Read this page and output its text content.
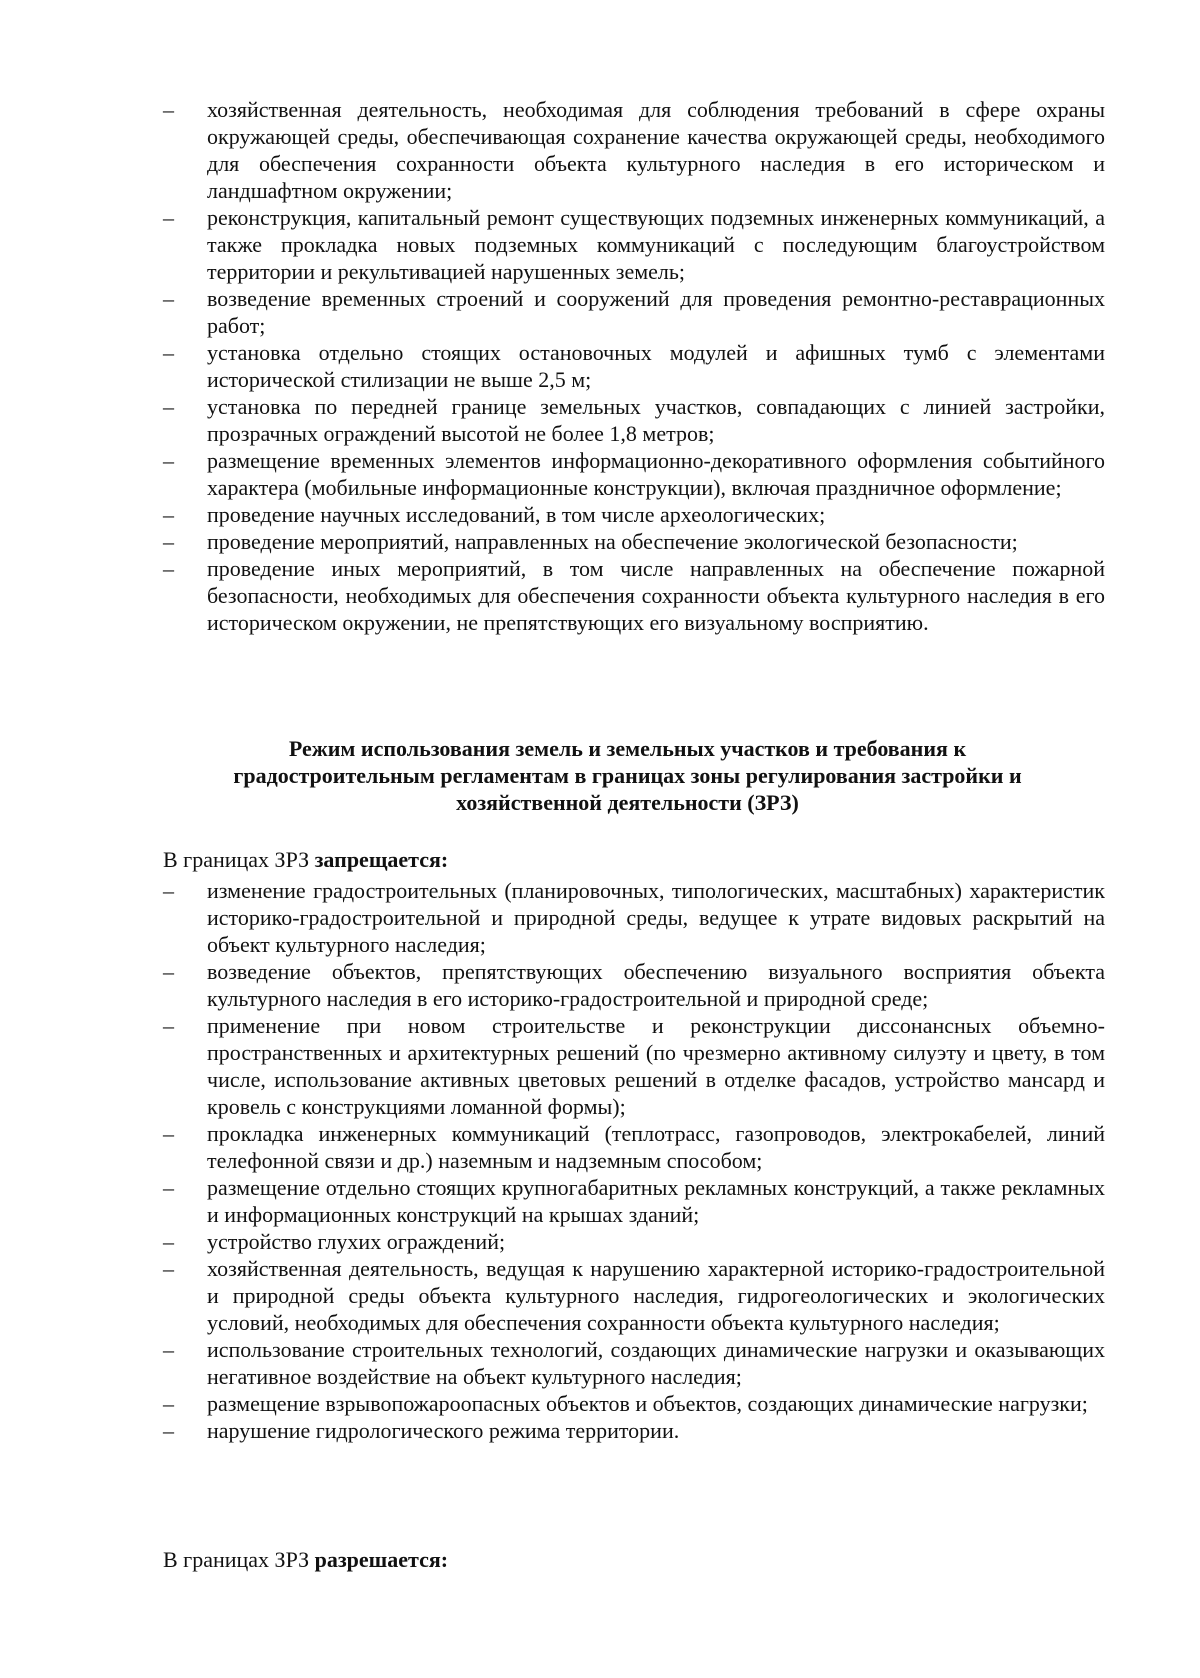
–	хозяйственная деятельность, необходимая для соблюдения требований в сфере охраны окружающей среды, обеспечивающая сохранение качества окружающей среды, необходимого для обеспечения сохранности объекта культурного наследия в его историческом и ландшафтном окружении;
–	реконструкция, капитальный ремонт существующих подземных инженерных коммуникаций, а также прокладка новых подземных коммуникаций с последующим благоустройством территории и рекультивацией нарушенных земель;
–	возведение временных строений и сооружений для проведения ремонтно-реставрационных работ;
–	установка отдельно стоящих остановочных модулей и афишных тумб с элементами исторической стилизации не выше 2,5 м;
–	установка по передней границе земельных участков, совпадающих с линией застройки, прозрачных ограждений высотой не более 1,8 метров;
–	размещение временных элементов информационно-декоративного оформления событийного характера (мобильные информационные конструкции), включая праздничное оформление;
–	проведение научных исследований, в том числе археологических;
–	проведение мероприятий, направленных на обеспечение экологической безопасности;
–	проведение иных мероприятий, в том числе направленных на обеспечение пожарной безопасности, необходимых для обеспечения сохранности объекта культурного наследия в его историческом окружении, не препятствующих его визуальному восприятию.
Режим использования земель и земельных участков и требования к
градостроительным регламентам в границах зоны регулирования застройки и
хозяйственной деятельности (ЗРЗ)

В границах ЗРЗ запрещается:

–	изменение градостроительных (планировочных, типологических, масштабных) характеристик историко-градостроительной и природной среды, ведущее к утрате видовых раскрытий на объект культурного наследия;
–	возведение объектов, препятствующих обеспечению визуального восприятия объекта культурного наследия в его историко-градостроительной и природной среде;
–	применение при новом строительстве и реконструкции диссонансных объемно-пространственных и архитектурных решений (по чрезмерно активному силуэту и цвету, в том числе, использование активных цветовых решений в отделке фасадов, устройство мансард и кровель с конструкциями ломанной формы);
–	прокладка инженерных коммуникаций (теплотрасс, газопроводов, электрокабелей, линий телефонной связи и др.) наземным и надземным способом;
–	размещение отдельно стоящих крупногабаритных рекламных конструкций, а также рекламных и информационных конструкций на крышах зданий;
–	устройство глухих ограждений;
–	хозяйственная деятельность, ведущая к нарушению характерной историко-градостроительной и природной среды объекта культурного наследия, гидрогеологических и экологических условий, необходимых для обеспечения сохранности объекта культурного наследия;
–	использование строительных технологий, создающих динамические нагрузки и оказывающих негативное воздействие на объект культурного наследия;
–	размещение взрывопожароопасных объектов и объектов, создающих динамические нагрузки;
–	нарушение гидрологического режима территории.

В границах ЗРЗ разрешается:
